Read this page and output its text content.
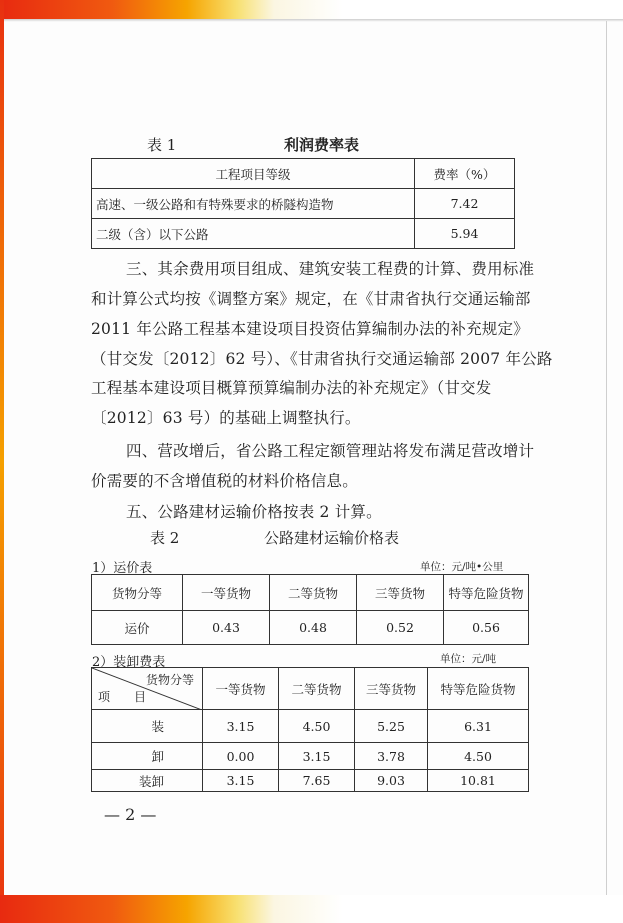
表 1	利润费率表
工程项目等级	费率（%）
高速、一级公路和有特殊要求的桥隧构造物	7.42
二级（含）以下公路	5.94
三、其余费用项目组成、建筑安装工程费的计算、费用标准
和计算公式均按《调整方案》规定，在《甘肃省执行交通运输部
2011 年公路工程基本建设项目投资估算编制办法的补充规定》
（甘交发〔2012〕62 号）、《甘肃省执行交通运输部 2007 年公路
工程基本建设项目概算预算编制办法的补充规定》（甘交发
〔2012〕63 号）的基础上调整执行。
四、营改增后，省公路工程定额管理站将发布满足营改增计
价需要的不含增值税的材料价格信息。
五、公路建材运输价格按表 2 计算。
表 2	公路建材运输价格表
1）运价表	单位：元/吨•公里
货物分等	一等货物	二等货物	三等货物	特等危险货物
运价	0.43	0.48	0.52	0.56
2）装卸费表	单位：元/吨
货物分等
项　　目	一等货物	二等货物	三等货物	特等危险货物
装	3.15	4.50	5.25	6.31
卸	0.00	3.15	3.78	4.50
装卸	3.15	7.65	9.03	10.81
— 2 —
